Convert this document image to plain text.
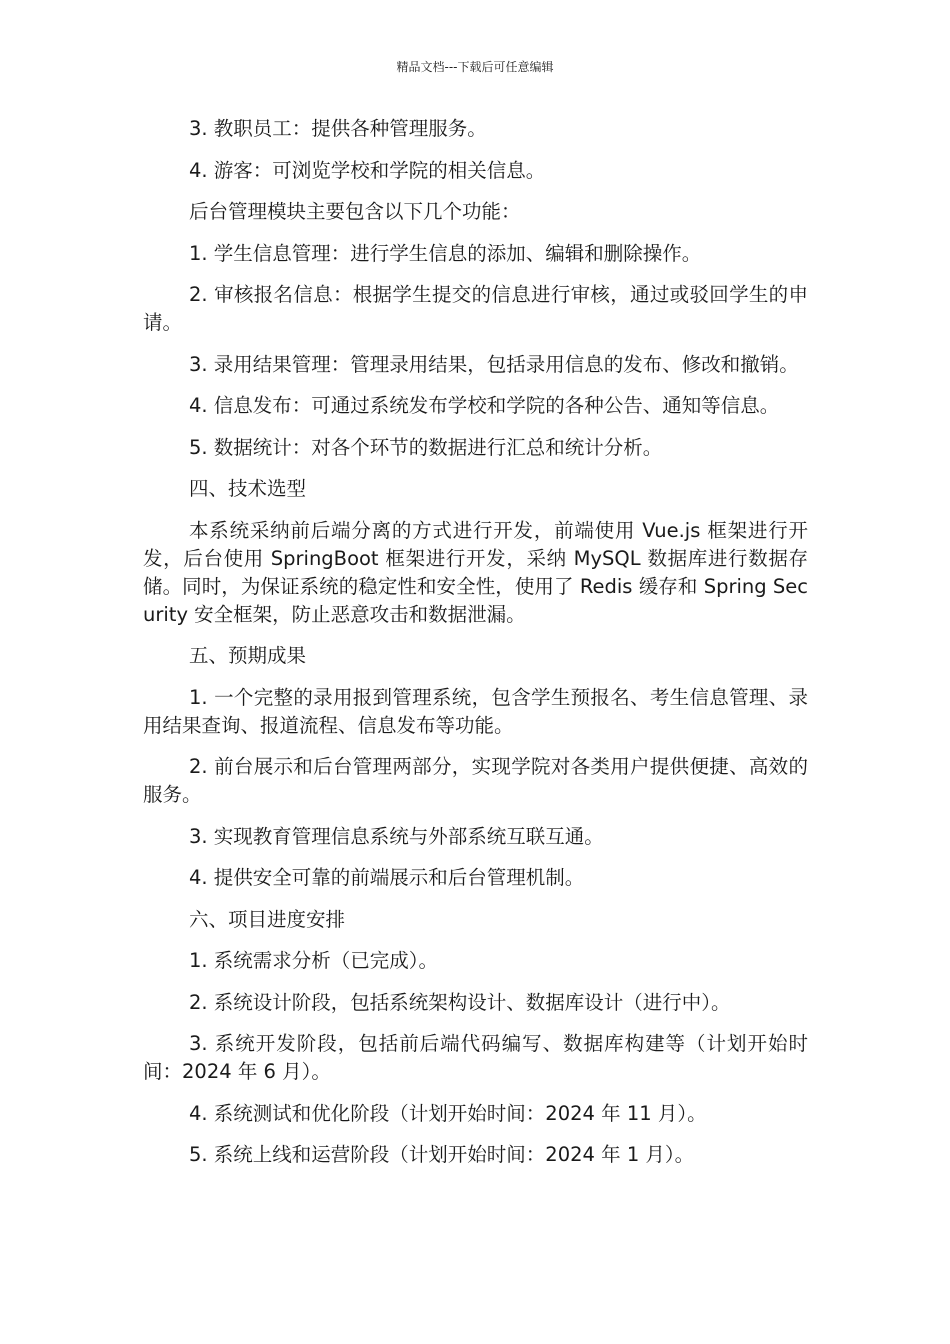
精品文档---下载后可任意编辑

3. 教职员工：提供各种管理服务。

4. 游客：可浏览学校和学院的相关信息。

后台管理模块主要包含以下几个功能：

1. 学生信息管理：进行学生信息的添加、编辑和删除操作。

2. 审核报名信息：根据学生提交的信息进行审核，通过或驳回学生的申请。

3. 录用结果管理：管理录用结果，包括录用信息的发布、修改和撤销。

4. 信息发布：可通过系统发布学校和学院的各种公告、通知等信息。

5. 数据统计：对各个环节的数据进行汇总和统计分析。

四、技术选型

本系统采纳前后端分离的方式进行开发，前端使用 Vue.js 框架进行开发，后台使用 SpringBoot 框架进行开发，采纳 MySQL 数据库进行数据存储。同时，为保证系统的稳定性和安全性，使用了 Redis 缓存和 Spring Security 安全框架，防止恶意攻击和数据泄漏。

五、预期成果

1. 一个完整的录用报到管理系统，包含学生预报名、考生信息管理、录用结果查询、报道流程、信息发布等功能。

2. 前台展示和后台管理两部分，实现学院对各类用户提供便捷、高效的服务。

3. 实现教育管理信息系统与外部系统互联互通。

4. 提供安全可靠的前端展示和后台管理机制。

六、项目进度安排

1. 系统需求分析（已完成）。

2. 系统设计阶段，包括系统架构设计、数据库设计（进行中）。

3. 系统开发阶段，包括前后端代码编写、数据库构建等（计划开始时间：2024 年 6 月）。

4. 系统测试和优化阶段（计划开始时间：2024 年 11 月）。

5. 系统上线和运营阶段（计划开始时间：2024 年 1 月）。
